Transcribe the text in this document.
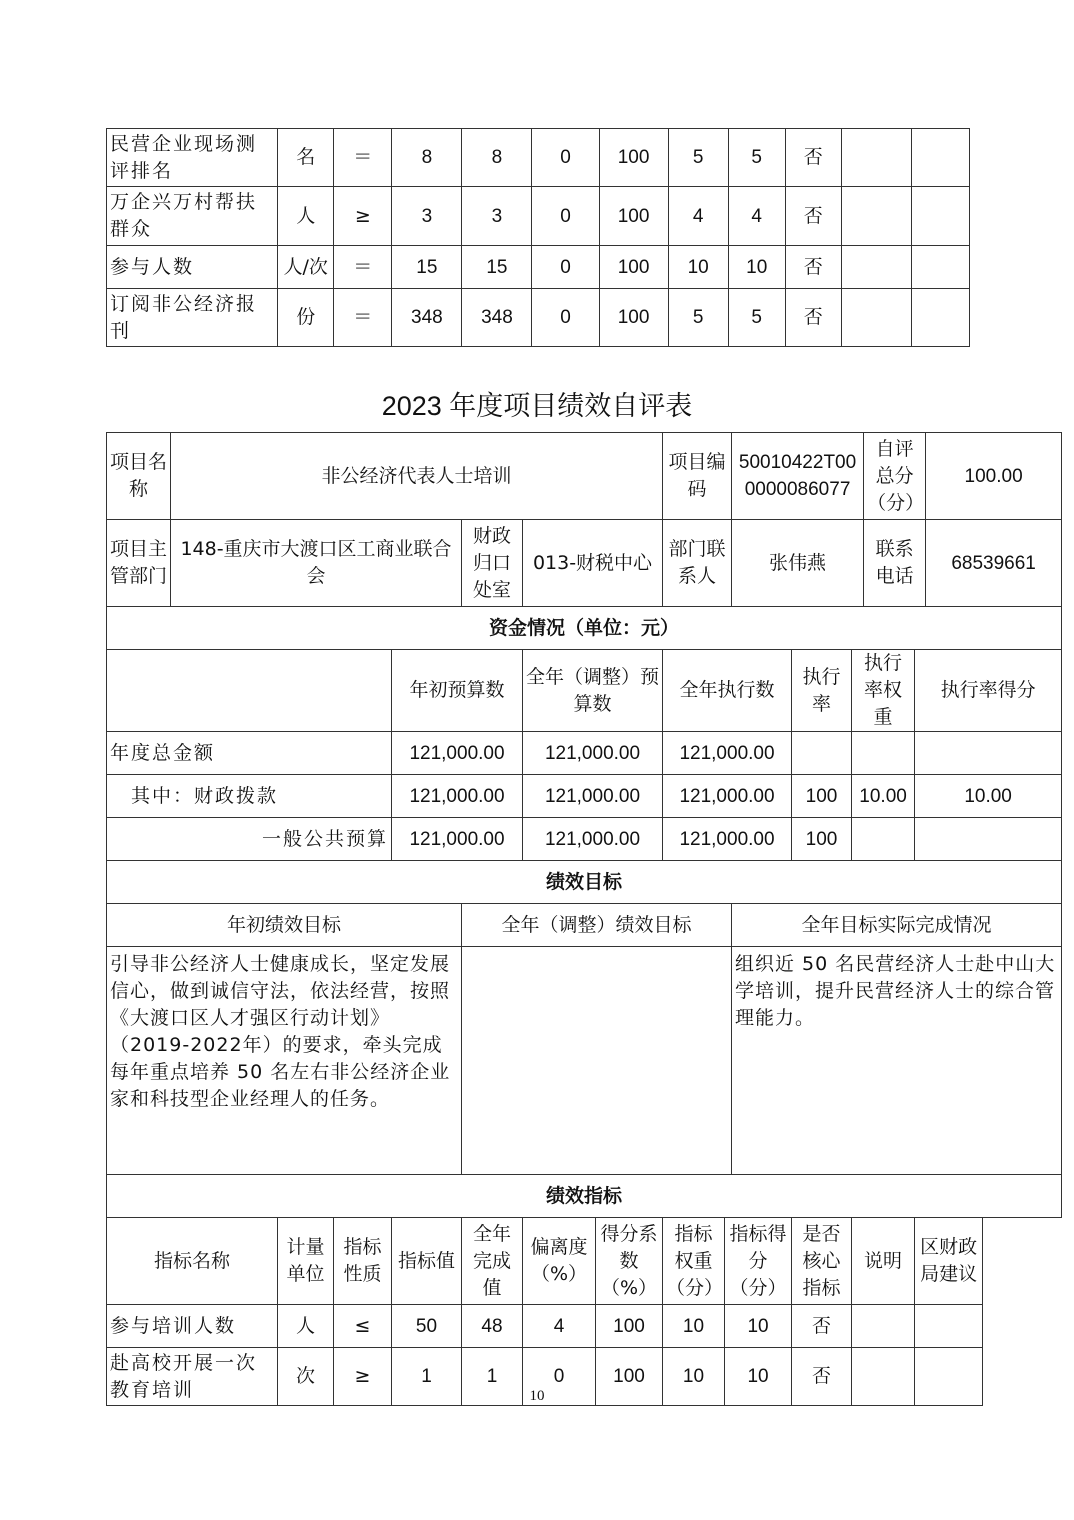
民营企业现场测评排名	名	＝	8	8	0	100	5	5	否		
万企兴万村帮扶群众	人	≥	3	3	0	100	4	4	否		
参与人数	人/次	＝	15	15	0	100	10	10	否		
订阅非公经济报刊	份	＝	348	348	0	100	5	5	否		
2023 年度项目绩效自评表
项目名称	非公经济代表人士培训							项目编码		50010422T000000086077			自评总分（分）		100.00
项目主管部门	148-重庆市大渡口区工商业联合会				财政归口处室	013-财税中心		部门联系人		张伟燕			联系电话		68539661
资金情况（单位：元）															
				年初预算数		全年（调整）预算数		全年执行数			执行率	执行率权重		执行率得分	
年度总金额				121,000.00		121,000.00		121,000.00							
其中：财政拨款				121,000.00		121,000.00		121,000.00			100	10.00		10.00	
一般公共预算				121,000.00		121,000.00		121,000.00			100				
绩效目标															
年初绩效目标					全年（调整）绩效目标					全年目标实际完成情况					
引导非公经济人士健康成长，坚定发展信心，做到诚信守法，依法经营，按照《大渡口区人才强区行动计划》（2019-2022年）的要求，牵头完成每年重点培养 50 名左右非公经济企业家和科技型企业经理人的任务。										组织近 50 名民营经济人士赴中山大学培训，提升民营经济人士的综合管理能力。					
绩效指标															
指标名称		计量单位	指标性质	指标值	全年完成值	偏离度（%）	得分系数（%）	指标权重（分）	指标得分（分）		是否核心指标	说明		区财政局建议	
参与培训人数		人	≤	50	48	4	100	10	10		否				
赴高校开展一次教育培训		次	≥	1	1	0	100	10	10		否				
10
